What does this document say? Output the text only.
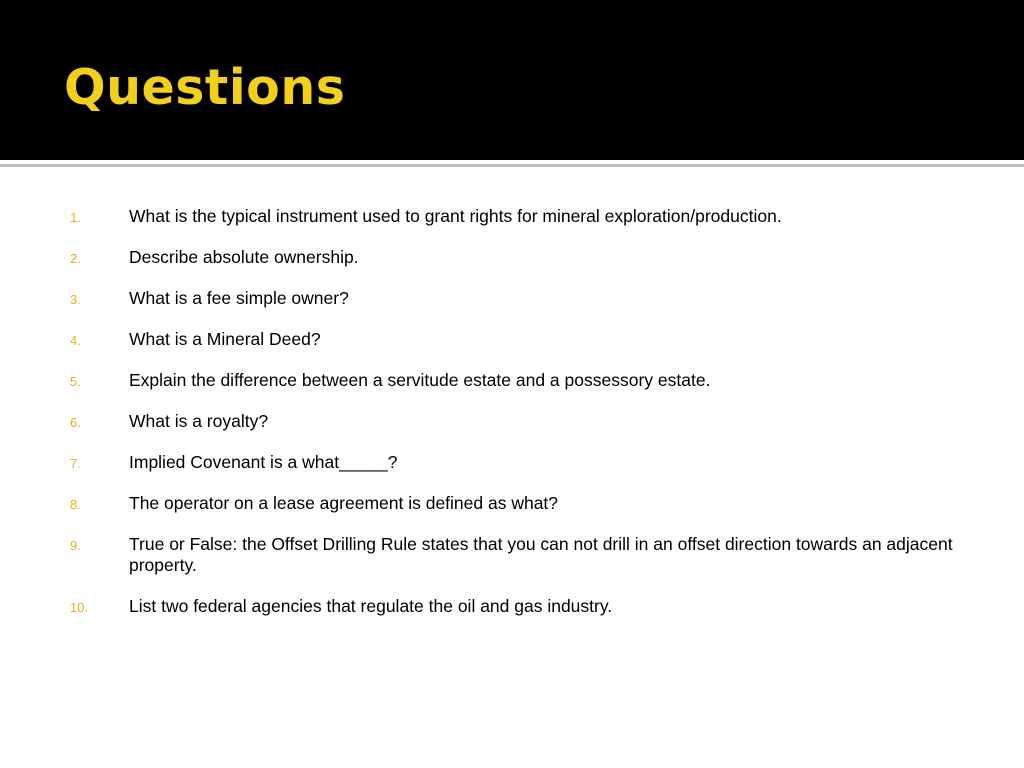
Questions
1.	What is the typical instrument used to grant rights for mineral exploration/production.
2.	Describe absolute ownership.
3.	What is a fee simple owner?
4.	What is a Mineral Deed?
5.	Explain the difference between a servitude estate and a possessory estate.
6.	What is a royalty?
7.	Implied Covenant is a what_____?
8.	The operator on a lease agreement is defined as what?
9.	True or False: the Offset Drilling Rule states that you can not drill in an offset direction towards an adjacent property.
10. List two federal agencies that regulate the oil and gas industry.
